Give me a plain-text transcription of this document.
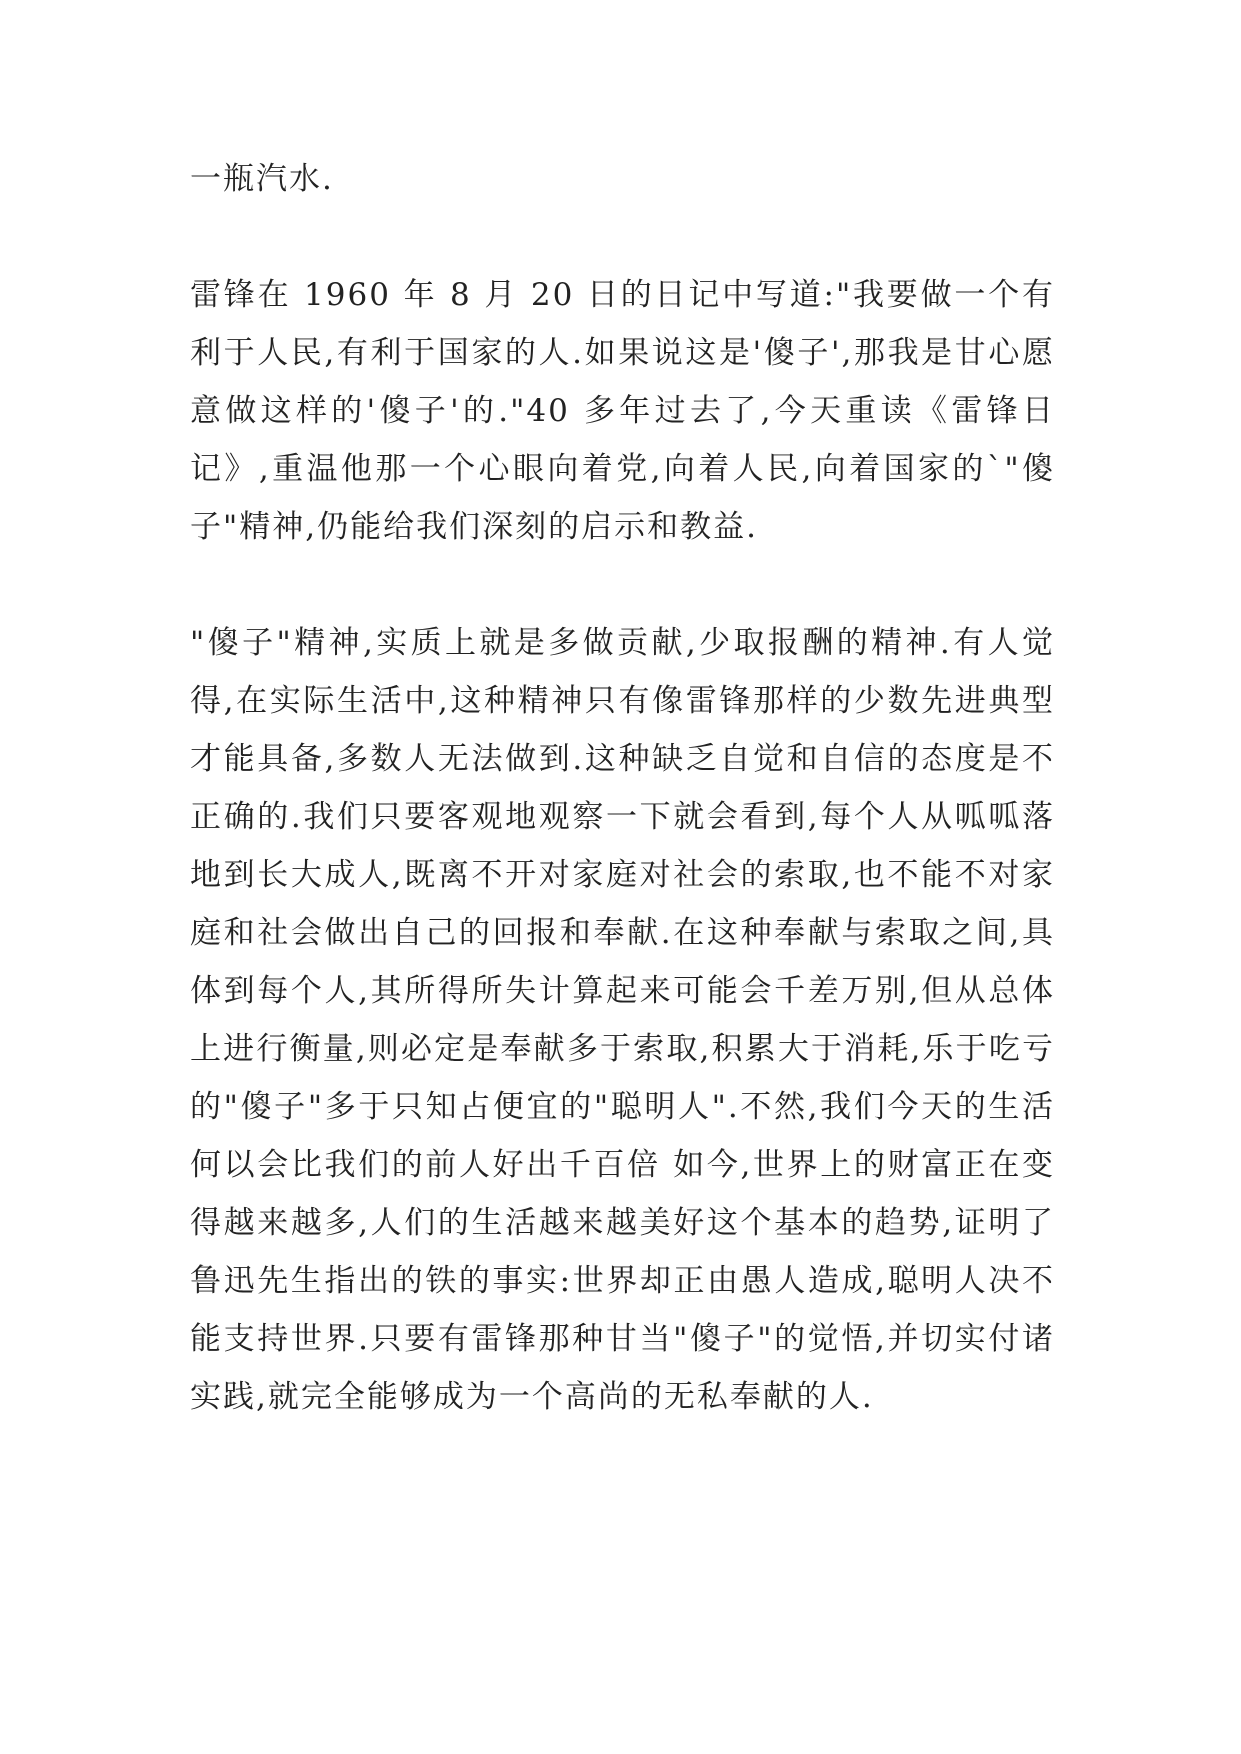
一瓶汽水.

雷锋在 1960 年 8 月 20 日的日记中写道:"我要做一个有利于人民,有利于国家的人.如果说这是'傻子',那我是甘心愿意做这样的'傻子'的."40 多年过去了,今天重读《雷锋日记》,重温他那一个心眼向着党,向着人民,向着国家的`"傻子"精神,仍能给我们深刻的启示和教益.

"傻子"精神,实质上就是多做贡献,少取报酬的精神.有人觉得,在实际生活中,这种精神只有像雷锋那样的少数先进典型才能具备,多数人无法做到.这种缺乏自觉和自信的态度是不正确的.我们只要客观地观察一下就会看到,每个人从呱呱落地到长大成人,既离不开对家庭对社会的索取,也不能不对家庭和社会做出自己的回报和奉献.在这种奉献与索取之间,具体到每个人,其所得所失计算起来可能会千差万别,但从总体上进行衡量,则必定是奉献多于索取,积累大于消耗,乐于吃亏的"傻子"多于只知占便宜的"聪明人".不然,我们今天的生活何以会比我们的前人好出千百倍 如今,世界上的财富正在变得越来越多,人们的生活越来越美好这个基本的趋势,证明了鲁迅先生指出的铁的事实:世界却正由愚人造成,聪明人决不能支持世界.只要有雷锋那种甘当"傻子"的觉悟,并切实付诸实践,就完全能够成为一个高尚的无私奉献的人.
